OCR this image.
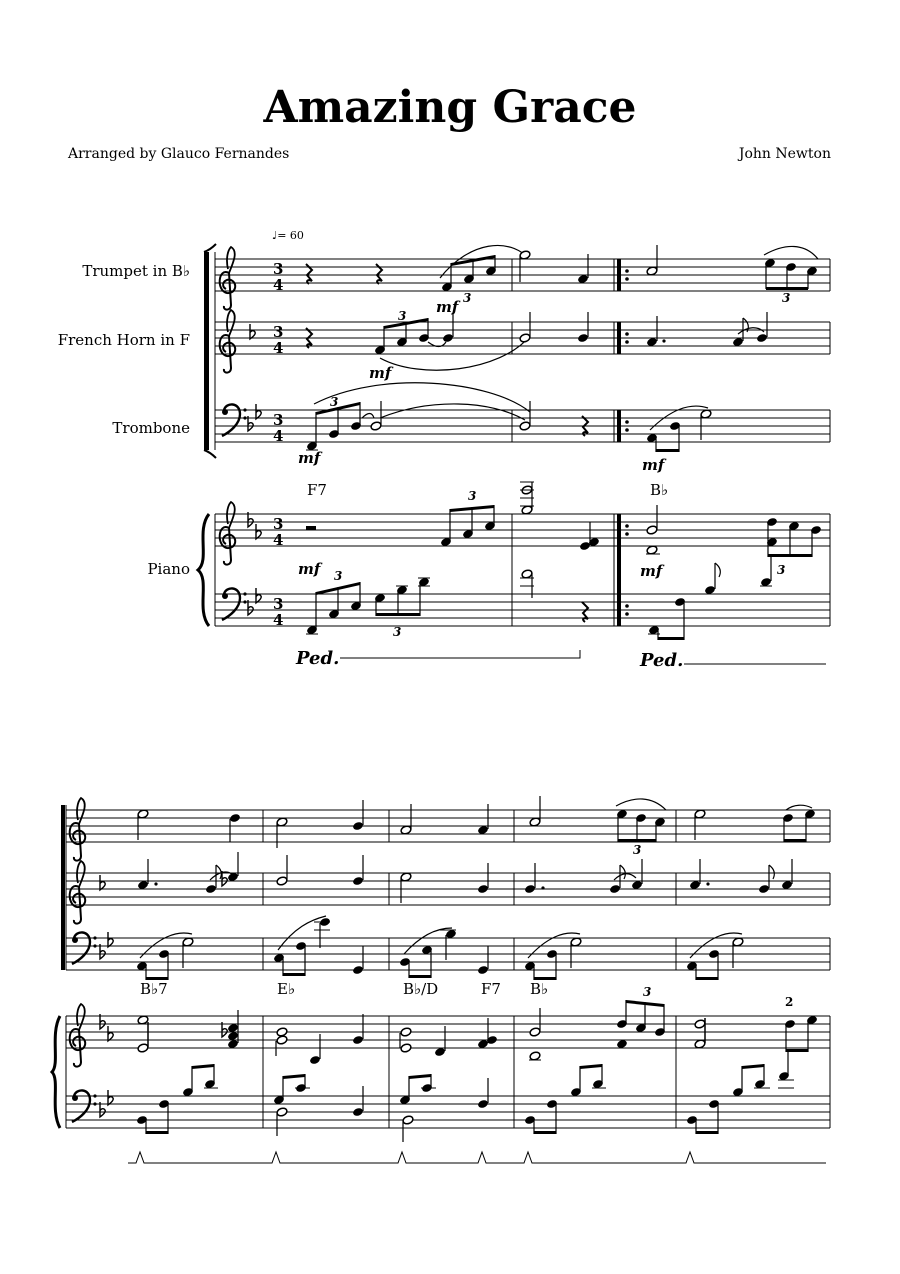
Amazing Grace
Arranged by Glauco Fernandes	John Newton
♩= 60
Trumpet in B♭
French Horn in F
Trombone
Piano
F7	B♭
B♭7	E♭	B♭/D	F7 B♭
3
4
3
4
3
4
3
4
3
4
mf 3	3
3
mf
3
mf	mf
3
3
mf
mf 3
3
Ped.	Ped.
3
3
2
